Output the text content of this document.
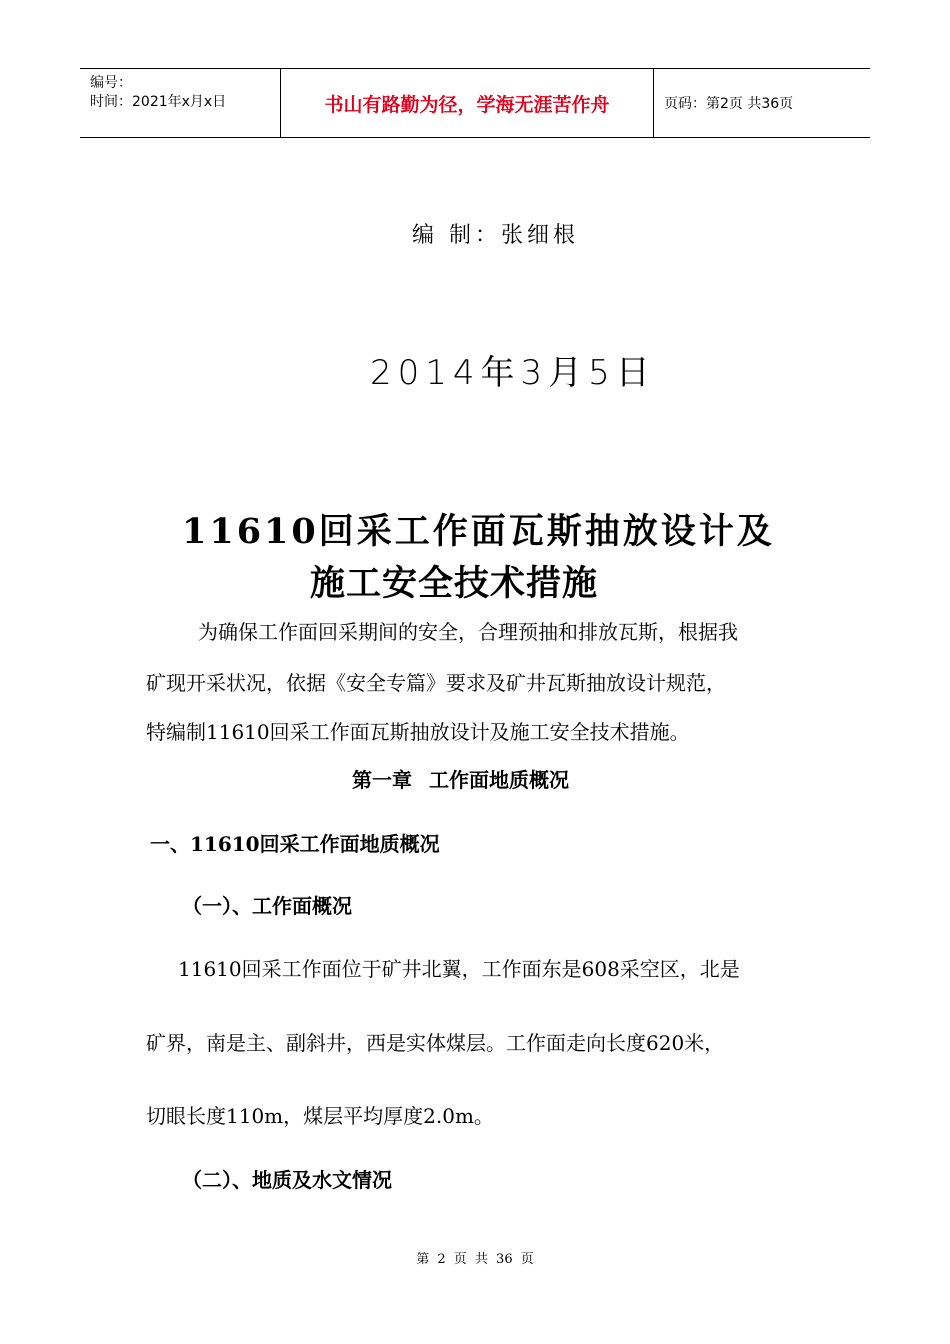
编号：
时间：2021年x月x日	书山有路勤为径，学海无涯苦作舟	页码：第2页 共36页
编 制：张细根
2014年3月5日
11610回采工作面瓦斯抽放设计及
施工安全技术措施
为确保工作面回采期间的安全，合理预抽和排放瓦斯，根据我
矿现开采状况，依据《安全专篇》要求及矿井瓦斯抽放设计规范，
特编制11610回采工作面瓦斯抽放设计及施工安全技术措施。
第一章 工作面地质概况
一、11610回采工作面地质概况
（一）、工作面概况
11610回采工作面位于矿井北翼，工作面东是608采空区，北是
矿界，南是主、副斜井，西是实体煤层。工作面走向长度620米，
切眼长度110m，煤层平均厚度2.0m。
（二）、地质及水文情况
第 2 页 共 36 页
